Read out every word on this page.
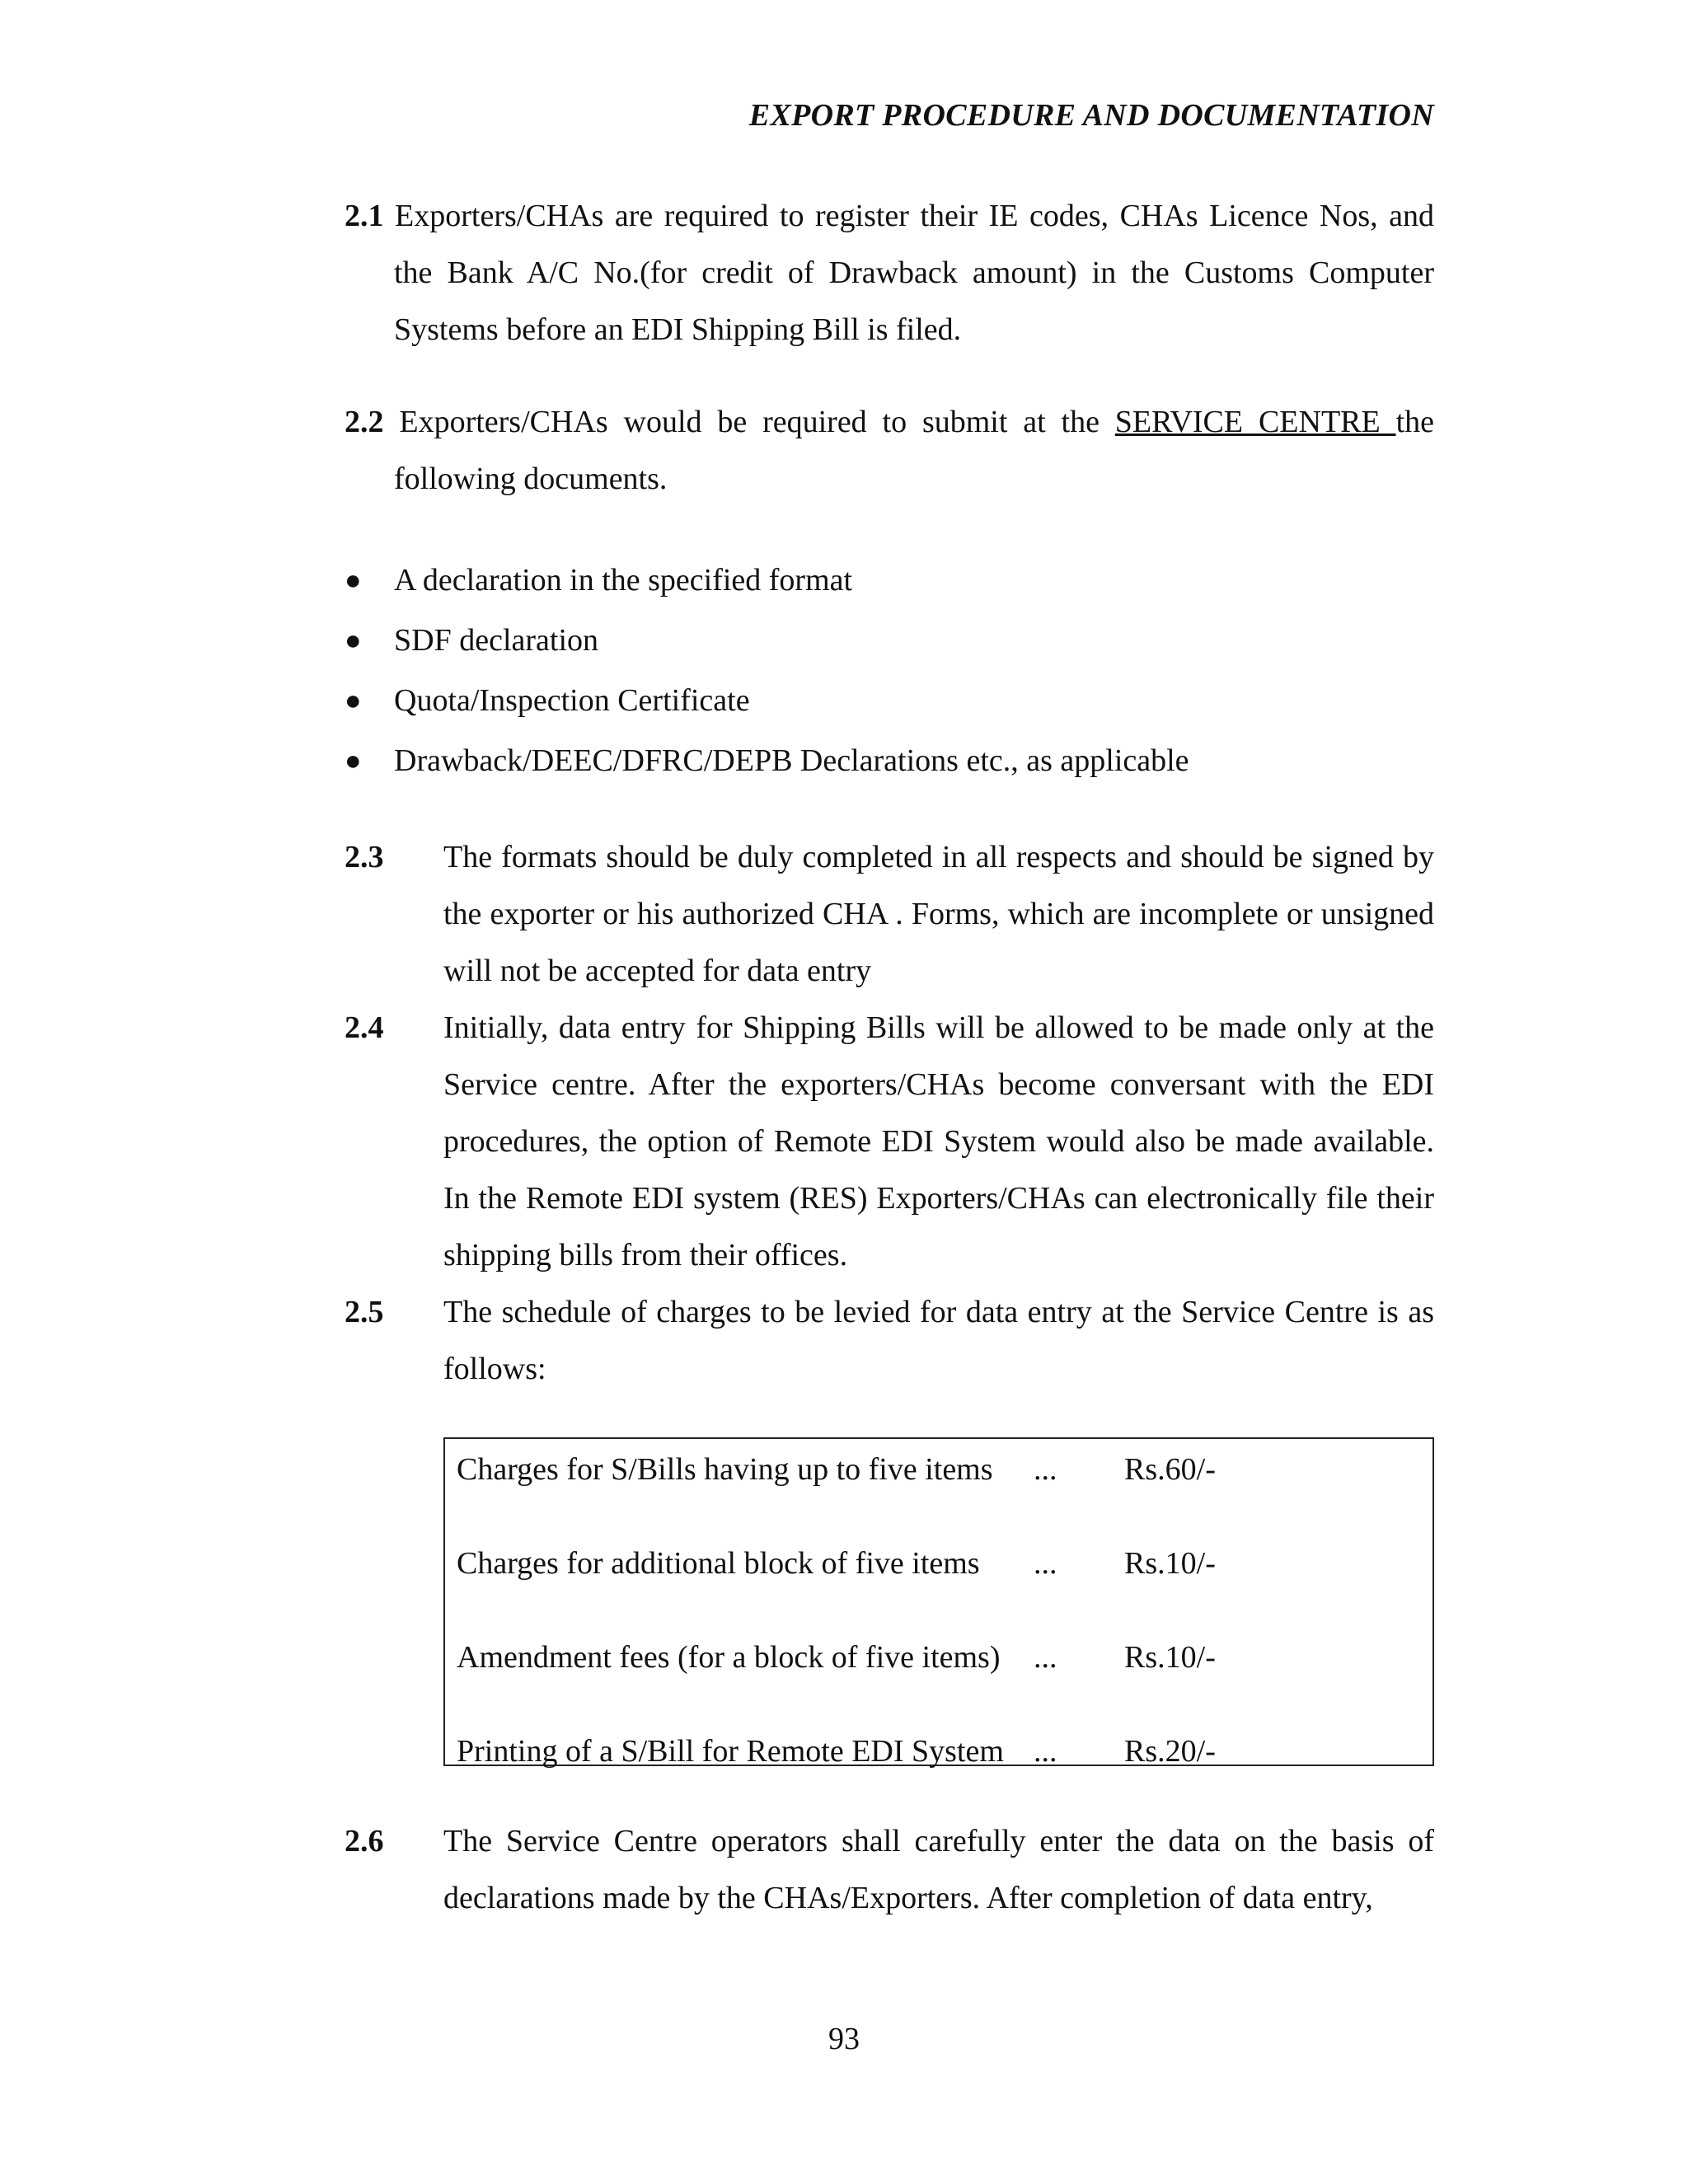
EXPORT PROCEDURE AND DOCUMENTATION

2.1 Exporters/CHAs are required to register their IE codes, CHAs Licence Nos, and the Bank A/C No.(for credit of Drawback amount) in the Customs Computer Systems before an EDI Shipping Bill is filed.

2.2 Exporters/CHAs would be required to submit at the SERVICE CENTRE the following documents.

● A declaration in the specified format
● SDF declaration
● Quota/Inspection Certificate
● Drawback/DEEC/DFRC/DEPB Declarations etc., as applicable
2.3 The formats should be duly completed in all respects and should be signed by the exporter or his authorized CHA . Forms, which are incomplete or unsigned will not be accepted for data entry

2.4 Initially, data entry for Shipping Bills will be allowed to be made only at the Service centre. After the exporters/CHAs become conversant with the EDI procedures, the option of Remote EDI System would also be made available. In the Remote EDI system (RES) Exporters/CHAs can electronically file their shipping bills from their offices.

2.5 The schedule of charges to be levied for data entry at the Service Centre is as follows:

Charges for S/Bills having up to five items ... Rs.60/-
Charges for additional block of five items ... Rs.10/-
Amendment fees (for a block of five items) ... Rs.10/-
Printing of a S/Bill for Remote EDI System ... Rs.20/-
2.6 The Service Centre operators shall carefully enter the data on the basis of declarations made by the CHAs/Exporters. After completion of data entry,

93
